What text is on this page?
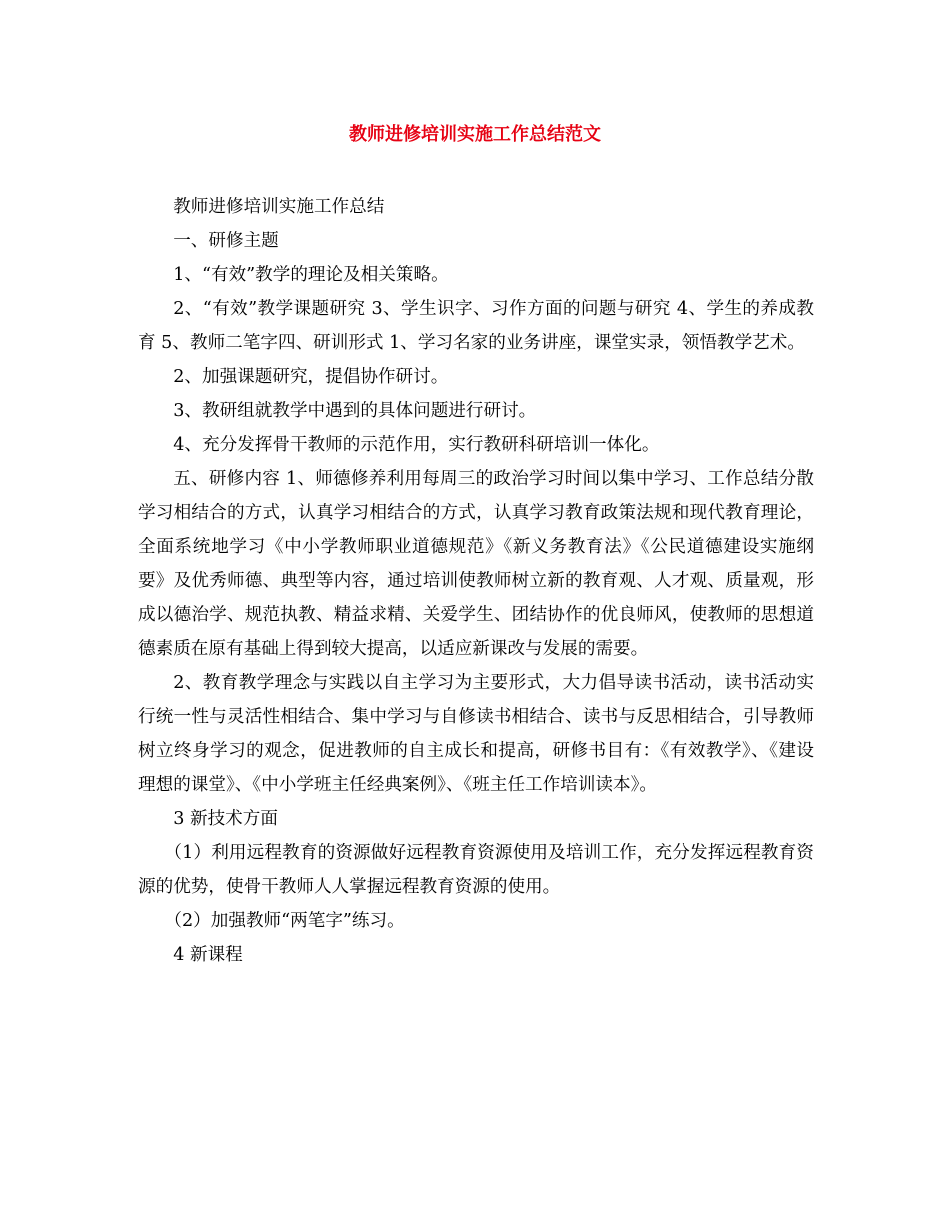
教师进修培训实施工作总结范文

教师进修培训实施工作总结

一、研修主题

1、“有效”教学的理论及相关策略。

2、“有效”教学课题研究 3、学生识字、习作方面的问题与研究 4、学生的养成教育 5、教师二笔字四、研训形式 1、学习名家的业务讲座，课堂实录，领悟教学艺术。

2、加强课题研究，提倡协作研讨。

3、教研组就教学中遇到的具体问题进行研讨。

4、充分发挥骨干教师的示范作用，实行教研科研培训一体化。

五、研修内容 1、师德修养利用每周三的政治学习时间以集中学习、工作总结分散学习相结合的方式，认真学习相结合的方式，认真学习教育政策法规和现代教育理论，全面系统地学习《中小学教师职业道德规范》《新义务教育法》《公民道德建设实施纲要》及优秀师德、典型等内容，通过培训使教师树立新的教育观、人才观、质量观，形成以德治学、规范执教、精益求精、关爱学生、团结协作的优良师风，使教师的思想道德素质在原有基础上得到较大提高，以适应新课改与发展的需要。

2、教育教学理念与实践以自主学习为主要形式，大力倡导读书活动，读书活动实行统一性与灵活性相结合、集中学习与自修读书相结合、读书与反思相结合，引导教师树立终身学习的观念，促进教师的自主成长和提高，研修书目有：《有效教学》、《建设理想的课堂》、《中小学班主任经典案例》、《班主任工作培训读本》。

3 新技术方面

（1）利用远程教育的资源做好远程教育资源使用及培训工作，充分发挥远程教育资源的优势，使骨干教师人人掌握远程教育资源的使用。

（2）加强教师“两笔字”练习。

4 新课程
